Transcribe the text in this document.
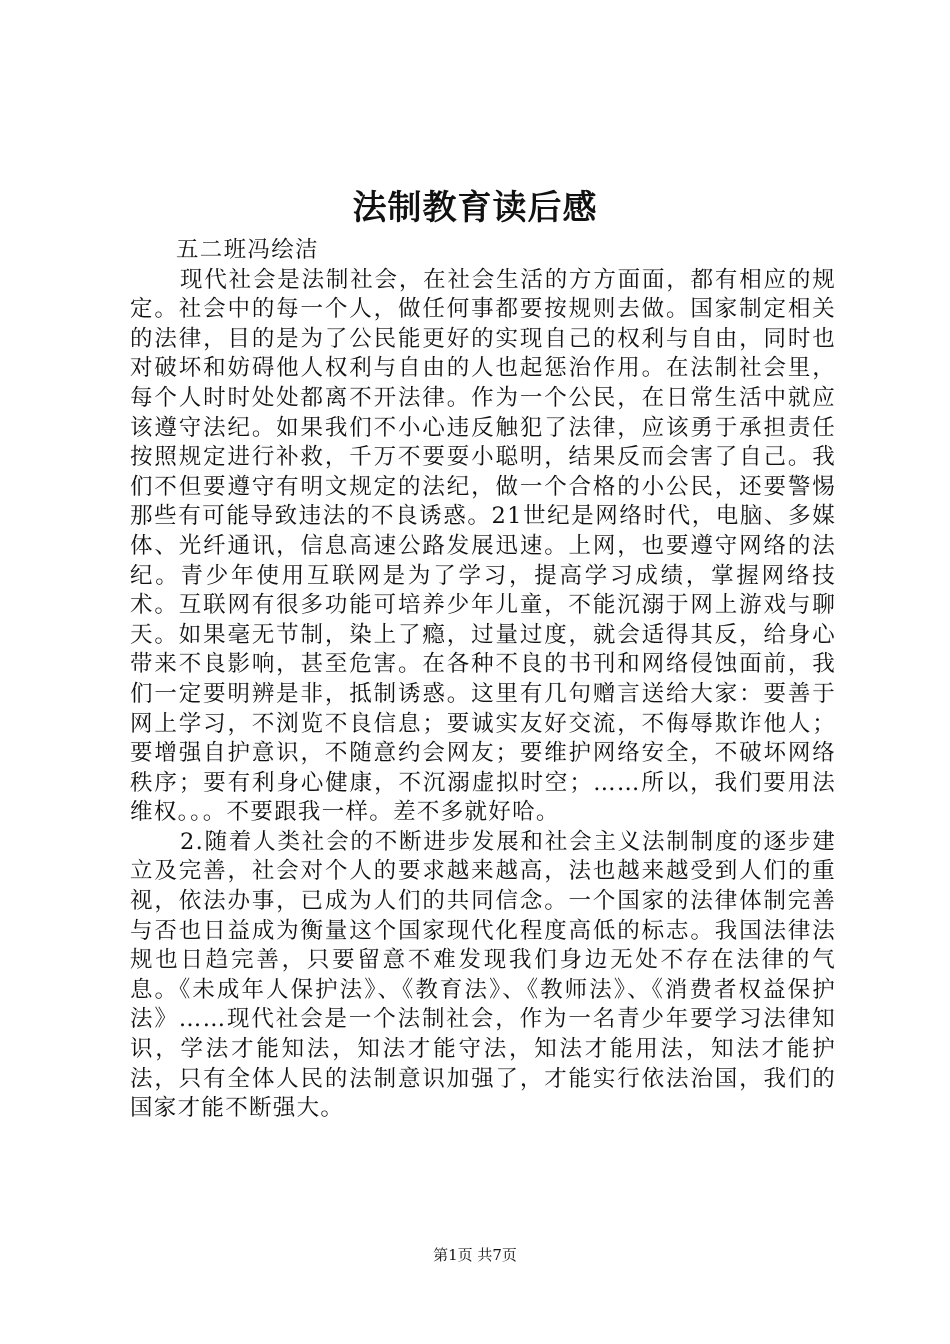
法制教育读后感

五二班冯绘洁

现代社会是法制社会，在社会生活的方方面面，都有相应的规定。社会中的每一个人，做任何事都要按规则去做。国家制定相关的法律，目的是为了公民能更好的实现自己的权利与自由，同时也对破坏和妨碍他人权利与自由的人也起惩治作用。在法制社会里，每个人时时处处都离不开法律。作为一个公民，在日常生活中就应该遵守法纪。如果我们不小心违反触犯了法律，应该勇于承担责任按照规定进行补救，千万不要耍小聪明，结果反而会害了自己。我们不但要遵守有明文规定的法纪，做一个合格的小公民，还要警惕那些有可能导致违法的不良诱惑。21世纪是网络时代，电脑、多媒体、光纤通讯，信息高速公路发展迅速。上网，也要遵守网络的法纪。青少年使用互联网是为了学习，提高学习成绩，掌握网络技术。互联网有很多功能可培养少年儿童，不能沉溺于网上游戏与聊天。如果毫无节制，染上了瘾，过量过度，就会适得其反，给身心带来不良影响，甚至危害。在各种不良的书刊和网络侵蚀面前，我们一定要明辨是非，抵制诱惑。这里有几句赠言送给大家：要善于网上学习，不浏览不良信息；要诚实友好交流，不侮辱欺诈他人；要增强自护意识，不随意约会网友；要维护网络安全，不破坏网络秩序；要有利身心健康，不沉溺虚拟时空；……所以，我们要用法维权。。。不要跟我一样。差不多就好哈。

2.随着人类社会的不断进步发展和社会主义法制制度的逐步建立及完善，社会对个人的要求越来越高，法也越来越受到人们的重视，依法办事，已成为人们的共同信念。一个国家的法律体制完善与否也日益成为衡量这个国家现代化程度高低的标志。我国法律法规也日趋完善，只要留意不难发现我们身边无处不存在法律的气息。《未成年人保护法》、《教育法》、《教师法》、《消费者权益保护法》……现代社会是一个法制社会，作为一名青少年要学习法律知识，学法才能知法，知法才能守法，知法才能用法，知法才能护法，只有全体人民的法制意识加强了，才能实行依法治国，我们的国家才能不断强大。

第1页 共7页
